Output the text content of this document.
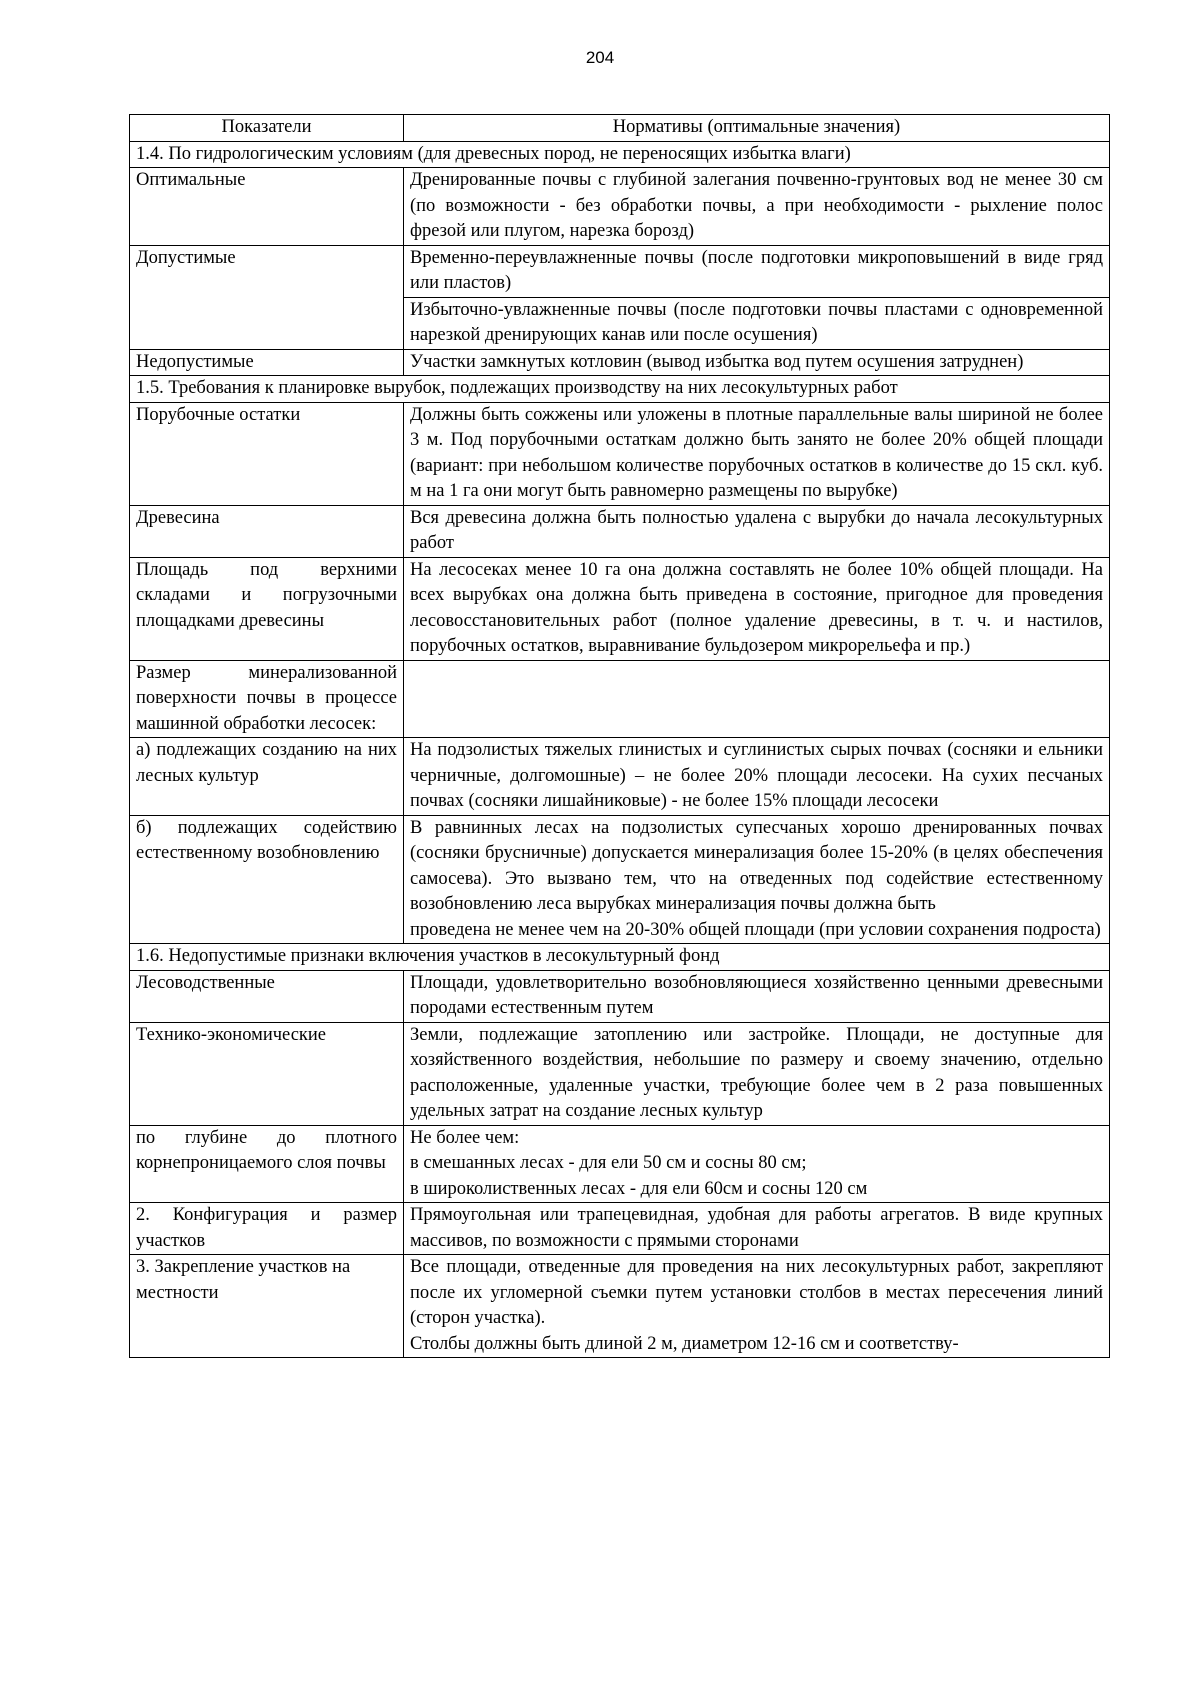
204
Показатели	Нормативы (оптимальные значения)
1.4. По гидрологическим условиям (для древесных пород, не переносящих избытка влаги)	
Оптимальные	Дренированные почвы с глубиной залегания почвенно-грунтовых вод не менее 30 см (по возможности - без обработки почвы, а при необходимости - рыхление полос фрезой или плугом, нарезка борозд)
Допустимые	Временно-переувлажненные почвы (после подготовки микроповышений в виде гряд или пластов)
	Избыточно-увлажненные почвы (после подготовки почвы пластами с одновременной нарезкой дренирующих канав или после осушения)
Недопустимые	Участки замкнутых котловин (вывод избытка вод путем осушения затруднен)
1.5. Требования к планировке вырубок, подлежащих производству на них лесокультурных работ	
Порубочные остатки	Должны быть сожжены или уложены в плотные параллельные валы шириной не более 3 м. Под порубочными остаткам должно быть занято не более 20% общей площади (вариант: при небольшом количестве порубочных остатков в количестве до 15 скл. куб. м на 1 га они могут быть равномерно размещены по вырубке)
Древесина	Вся древесина должна быть полностью удалена с вырубки до начала лесокультурных работ
Площадь под верхними складами и погрузочными площадками древесины	На лесосеках менее 10 га она должна составлять не более 10% общей площади. На всех вырубках она должна быть приведена в состояние, пригодное для проведения лесовосстановительных работ (полное удаление древесины, в т. ч. и настилов, порубочных остатков, выравнивание бульдозером микрорельефа и пр.)
Размер минерализованной поверхности почвы в процессе машинной обработки лесосек:	
а) подлежащих созданию на них лесных культур	На подзолистых тяжелых глинистых и суглинистых сырых почвах (сосняки и ельники черничные, долгомошные) – не более 20% площади лесосеки. На сухих песчаных почвах (сосняки лишайниковые) - не более 15% площади лесосеки
б) подлежащих содействию естественному возобновлению	В равнинных лесах на подзолистых супесчаных хорошо дренированных почвах (сосняки брусничные) допускается минерализация более 15-20% (в целях обеспечения самосева). Это вызвано тем, что на отведенных под содействие естественному возобновлению леса вырубках минерализация почвы должна быть
проведена не менее чем на 20-30% общей площади (при условии сохранения подроста)

1.6. Недопустимые признаки включения участков в лесокультурный фонд	
Лесоводственные	Площади, удовлетворительно возобновляющиеся хозяйственно ценными древесными породами естественным путем
Технико-экономические	Земли, подлежащие затоплению или застройке. Площади, не доступные для хозяйственного воздействия, небольшие по размеру и своему значению, отдельно расположенные, удаленные участки, требующие более чем в 2 раза повышенных удельных затрат на создание лесных культур
по глубине до плотного корнепроницаемого слоя почвы	Не более чем:
в смешанных лесах - для ели 50 см и сосны 80 см;
в широколиственных лесах - для ели 60см и сосны 120 см

2. Конфигурация и размер участков	Прямоугольная или трапецевидная, удобная для работы агрегатов. В виде крупных массивов, по возможности с прямыми сторонами
3. Закрепление участков на местности	Все площади, отведенные для проведения на них лесокультурных работ, закрепляют после их угломерной съемки путем установки столбов в местах пересечения линий (сторон участка).
Столбы должны быть длиной 2 м, диаметром 12-16 см и соответству-
